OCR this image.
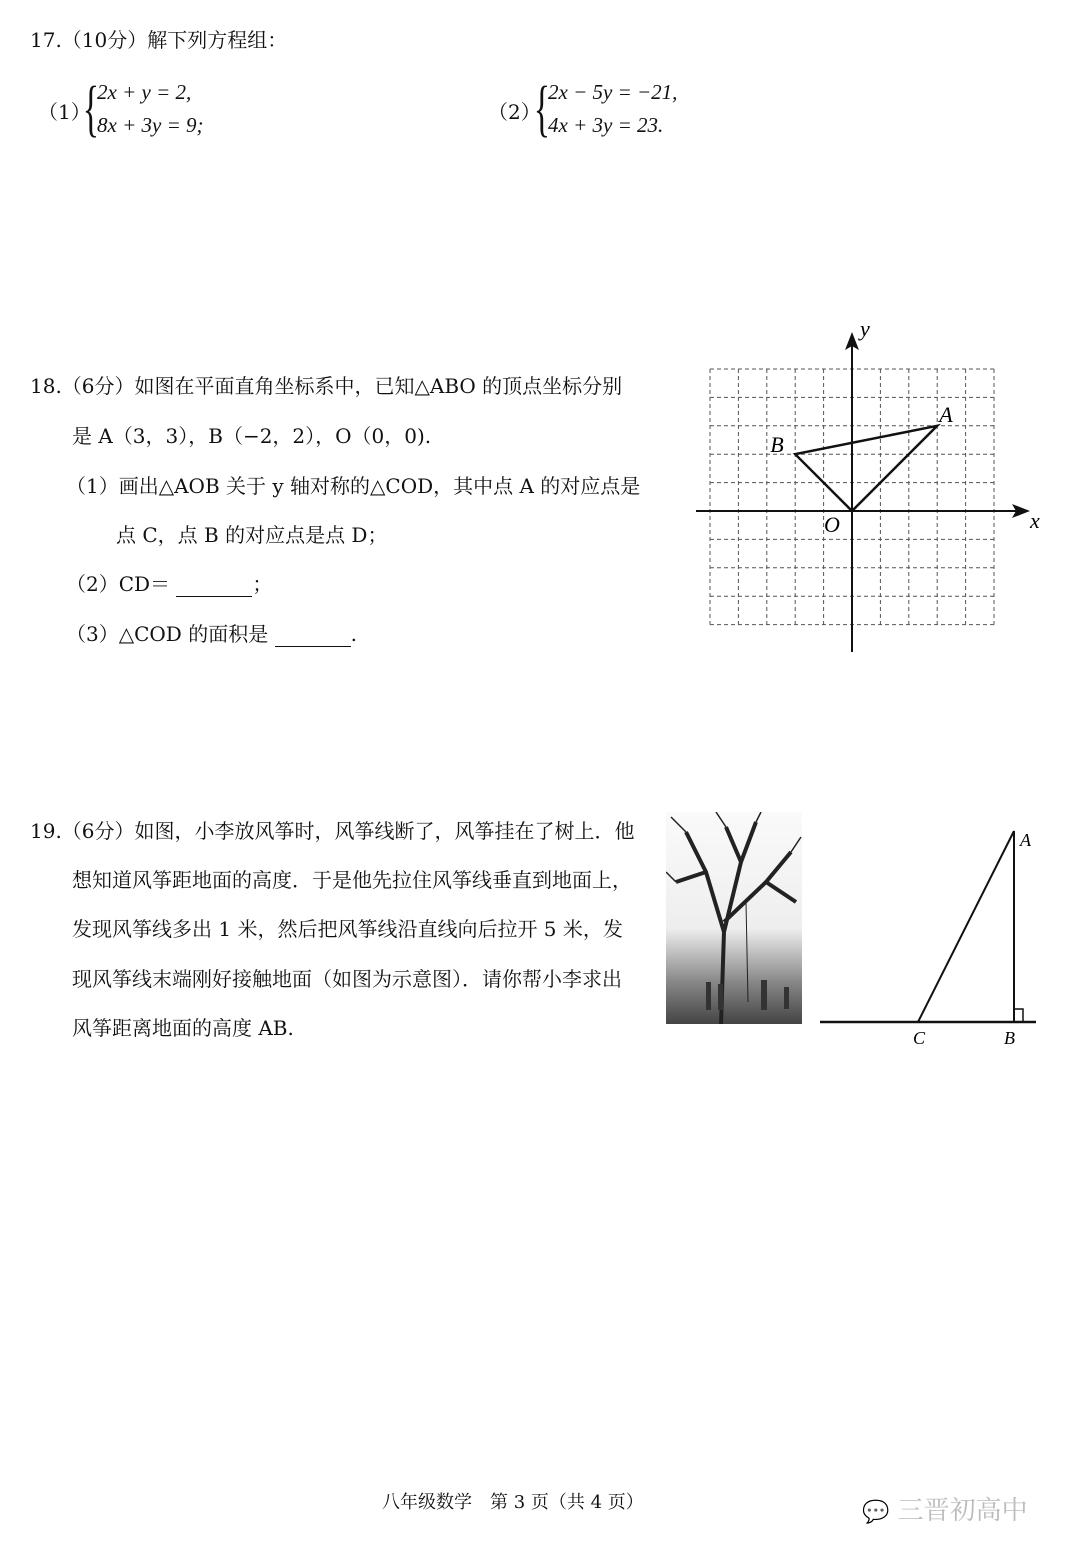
17.（10分）解下列方程组：
（1）
{
2x + y = 2,
8x + 3y = 9;
（2）
{
2x − 5y = −21,
4x + 3y = 23.
18.（6分）如图在平面直角坐标系中，已知△ABO 的顶点坐标分别
是 A（3，3），B（−2，2），O（0，0).
（1）画出△AOB 关于 y 轴对称的△COD，其中点 A 的对应点是
点 C，点 B 的对应点是点 D；
（2）CD＝	；
（3）△COD 的面积是	.
x
y
A
B
O
19.（6分）如图，小李放风筝时，风筝线断了，风筝挂在了树上．他
想知道风筝距地面的高度．于是他先拉住风筝线垂直到地面上，
发现风筝线多出 1 米，然后把风筝线沿直线向后拉开 5 米，发
现风筝线末端刚好接触地面（如图为示意图）．请你帮小李求出
风筝距离地面的高度 AB.
A
B
C
八年级数学　第 3 页（共 4 页）	💬 三晋初高中
